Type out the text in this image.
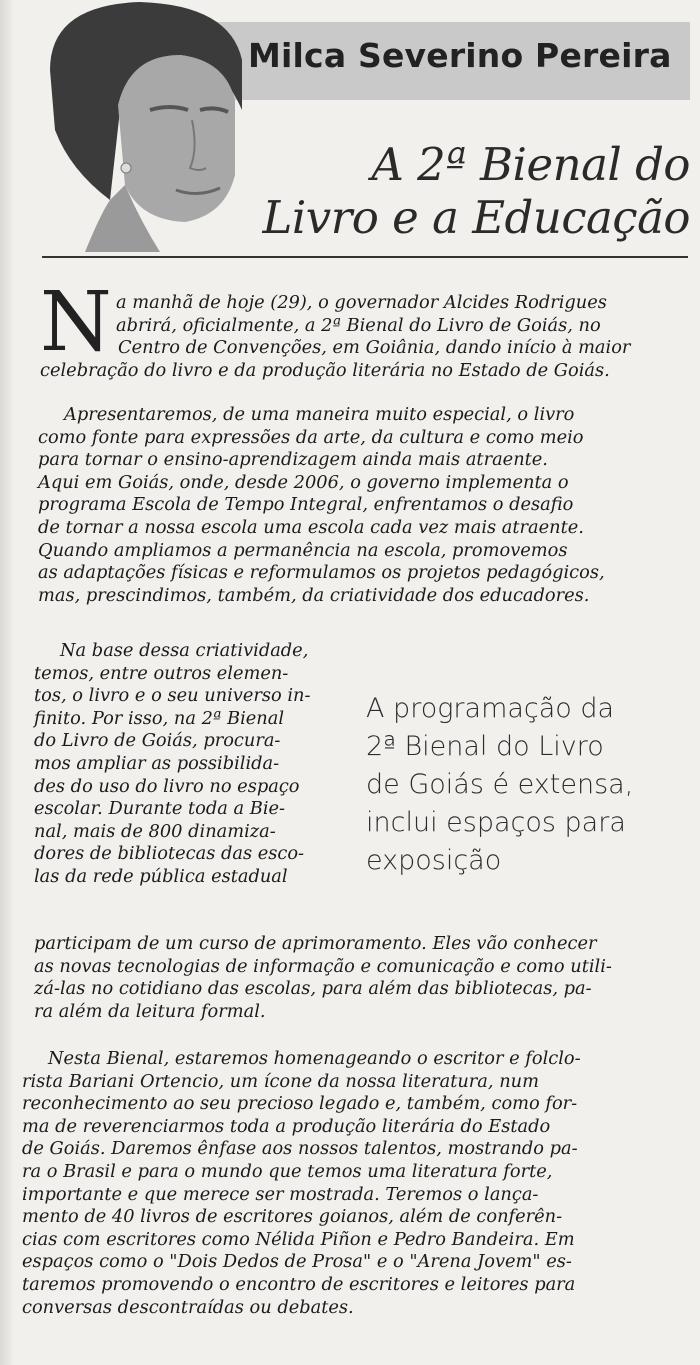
Milca Severino Pereira
A 2ª Bienal do
Livro e a Educação
N a manhã de hoje (29), o governador Alcides Rodrigues
abrirá, oficialmente, a 2ª Bienal do Livro de Goiás, no
Centro de Convenções, em Goiânia, dando início à maior
celebração do livro e da produção literária no Estado de Goiás.

Apresentaremos, de uma maneira muito especial, o livro
como fonte para expressões da arte, da cultura e como meio
para tornar o ensino-aprendizagem ainda mais atraente.
Aqui em Goiás, onde, desde 2006, o governo implementa o
programa Escola de Tempo Integral, enfrentamos o desafio
de tornar a nossa escola uma escola cada vez mais atraente.
Quando ampliamos a permanência na escola, promovemos
as adaptações físicas e reformulamos os projetos pedagógicos,
mas, prescindimos, também, da criatividade dos educadores.

Na base dessa criatividade,
temos, entre outros elemen-
tos, o livro e o seu universo in-
finito. Por isso, na 2ª Bienal
do Livro de Goiás, procura-
mos ampliar as possibilida-
des do uso do livro no espaço
escolar. Durante toda a Bie-
nal, mais de 800 dinamiza-
dores de bibliotecas das esco-
las da rede pública estadual

A programação da
2ª Bienal do Livro
de Goiás é extensa,
inclui espaços para
exposição

participam de um curso de aprimoramento. Eles vão conhecer
as novas tecnologias de informação e comunicação e como utili-
zá-las no cotidiano das escolas, para além das bibliotecas, pa-
ra além da leitura formal.

Nesta Bienal, estaremos homenageando o escritor e folclo-
rista Bariani Ortencio, um ícone da nossa literatura, num
reconhecimento ao seu precioso legado e, também, como for-
ma de reverenciarmos toda a produção literária do Estado
de Goiás. Daremos ênfase aos nossos talentos, mostrando pa-
ra o Brasil e para o mundo que temos uma literatura forte,
importante e que merece ser mostrada. Teremos o lança-
mento de 40 livros de escritores goianos, além de conferên-
cias com escritores como Nélida Piñon e Pedro Bandeira. Em
espaços como o "Dois Dedos de Prosa" e o "Arena Jovem" es-
taremos promovendo o encontro de escritores e leitores para
conversas descontraídas ou debates.
